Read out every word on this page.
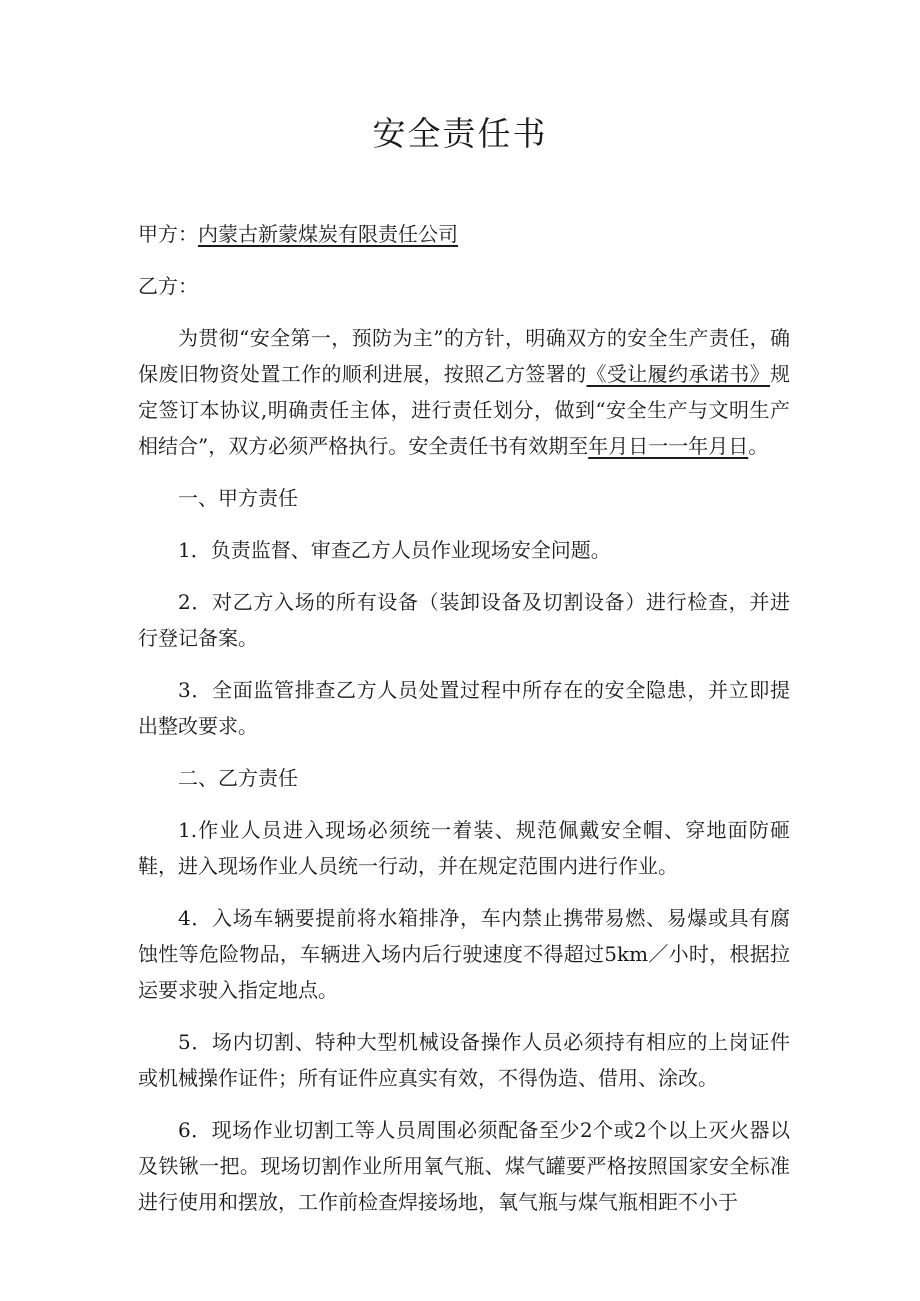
安全责任书

甲方：内蒙古新蒙煤炭有限责任公司

乙方：

为贯彻“安全第一，预防为主”的方针，明确双方的安全生产责任，确保废旧物资处置工作的顺利进展，按照乙方签署的《受让履约承诺书》规定签订本协议,明确责任主体，进行责任划分，做到“安全生产与文明生产相结合”，双方必须严格执行。安全责任书有效期至年月日一一年月日。

一、甲方责任

1．负责监督、审查乙方人员作业现场安全问题。

2．对乙方入场的所有设备（装卸设备及切割设备）进行检查，并进行登记备案。

3．全面监管排查乙方人员处置过程中所存在的安全隐患，并立即提出整改要求。

二、乙方责任

1.作业人员进入现场必须统一着装、规范佩戴安全帽、穿地面防砸鞋，进入现场作业人员统一行动，并在规定范围内进行作业。

4．入场车辆要提前将水箱排净，车内禁止携带易燃、易爆或具有腐蚀性等危险物品，车辆进入场内后行驶速度不得超过5km／小时，根据拉运要求驶入指定地点。

5．场内切割、特种大型机械设备操作人员必须持有相应的上岗证件或机械操作证件；所有证件应真实有效，不得伪造、借用、涂改。

6．现场作业切割工等人员周围必须配备至少2个或2个以上灭火器以及铁锹一把。现场切割作业所用氧气瓶、煤气罐要严格按照国家安全标准进行使用和摆放，工作前检查焊接场地，氧气瓶与煤气瓶相距不小于
